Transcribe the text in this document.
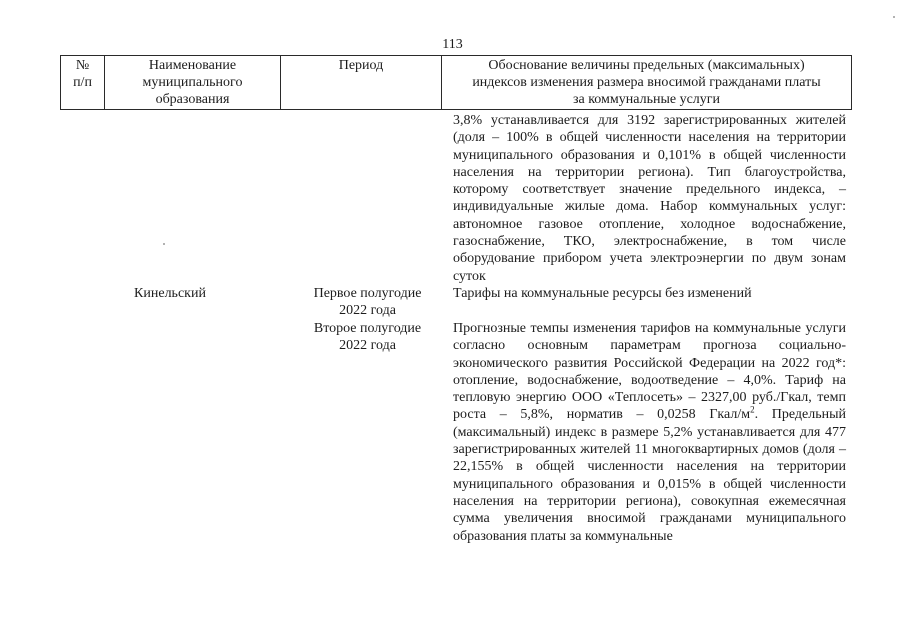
113
№
п/п
Наименование
муниципального
образования
Период	Обоснование величины предельных (максимальных)
индексов изменения размера вносимой гражданами платы
за коммунальные услуги
3,8% устанавливается для 3192 зарегистрированных жителей (доля – 100% в общей численности населения на территории муниципального образования и 0,101% в общей численности населения на территории региона). Тип благоустройства, которому соответствует значение предельного индекса, – индивидуальные жилые дома. Набор коммунальных услуг: автономное газовое отопление, холодное водоснабжение, газоснабжение, ТКО, электроснабжение, в том числе оборудование прибором учета электроэнергии по двум зонам суток
Кинельский	Первое полугодие
2022 года
Тарифы на коммунальные ресурсы без изменений
Второе полугодие
2022 года
Прогнозные темпы изменения тарифов на коммунальные услуги согласно основным параметрам прогноза социально-экономического развития Российской Федерации на 2022 год*: отопление, водоснабжение, водоотведение – 4,0%. Тариф на тепловую энергию ООО «Теплосеть» – 2327,00 руб./Гкал, темп роста – 5,8%, норматив – 0,0258 Гкал/$м^2$. Предельный (максимальный) индекс в размере 5,2% устанавливается для 477 зарегистрированных жителей 11 многоквартирных домов (доля – 22,155% в общей численности населения на территории муниципального образования и 0,015% в общей численности населения на территории региона), совокупная ежемесячная сумма увеличения вносимой гражданами муниципального образования платы за коммунальные
